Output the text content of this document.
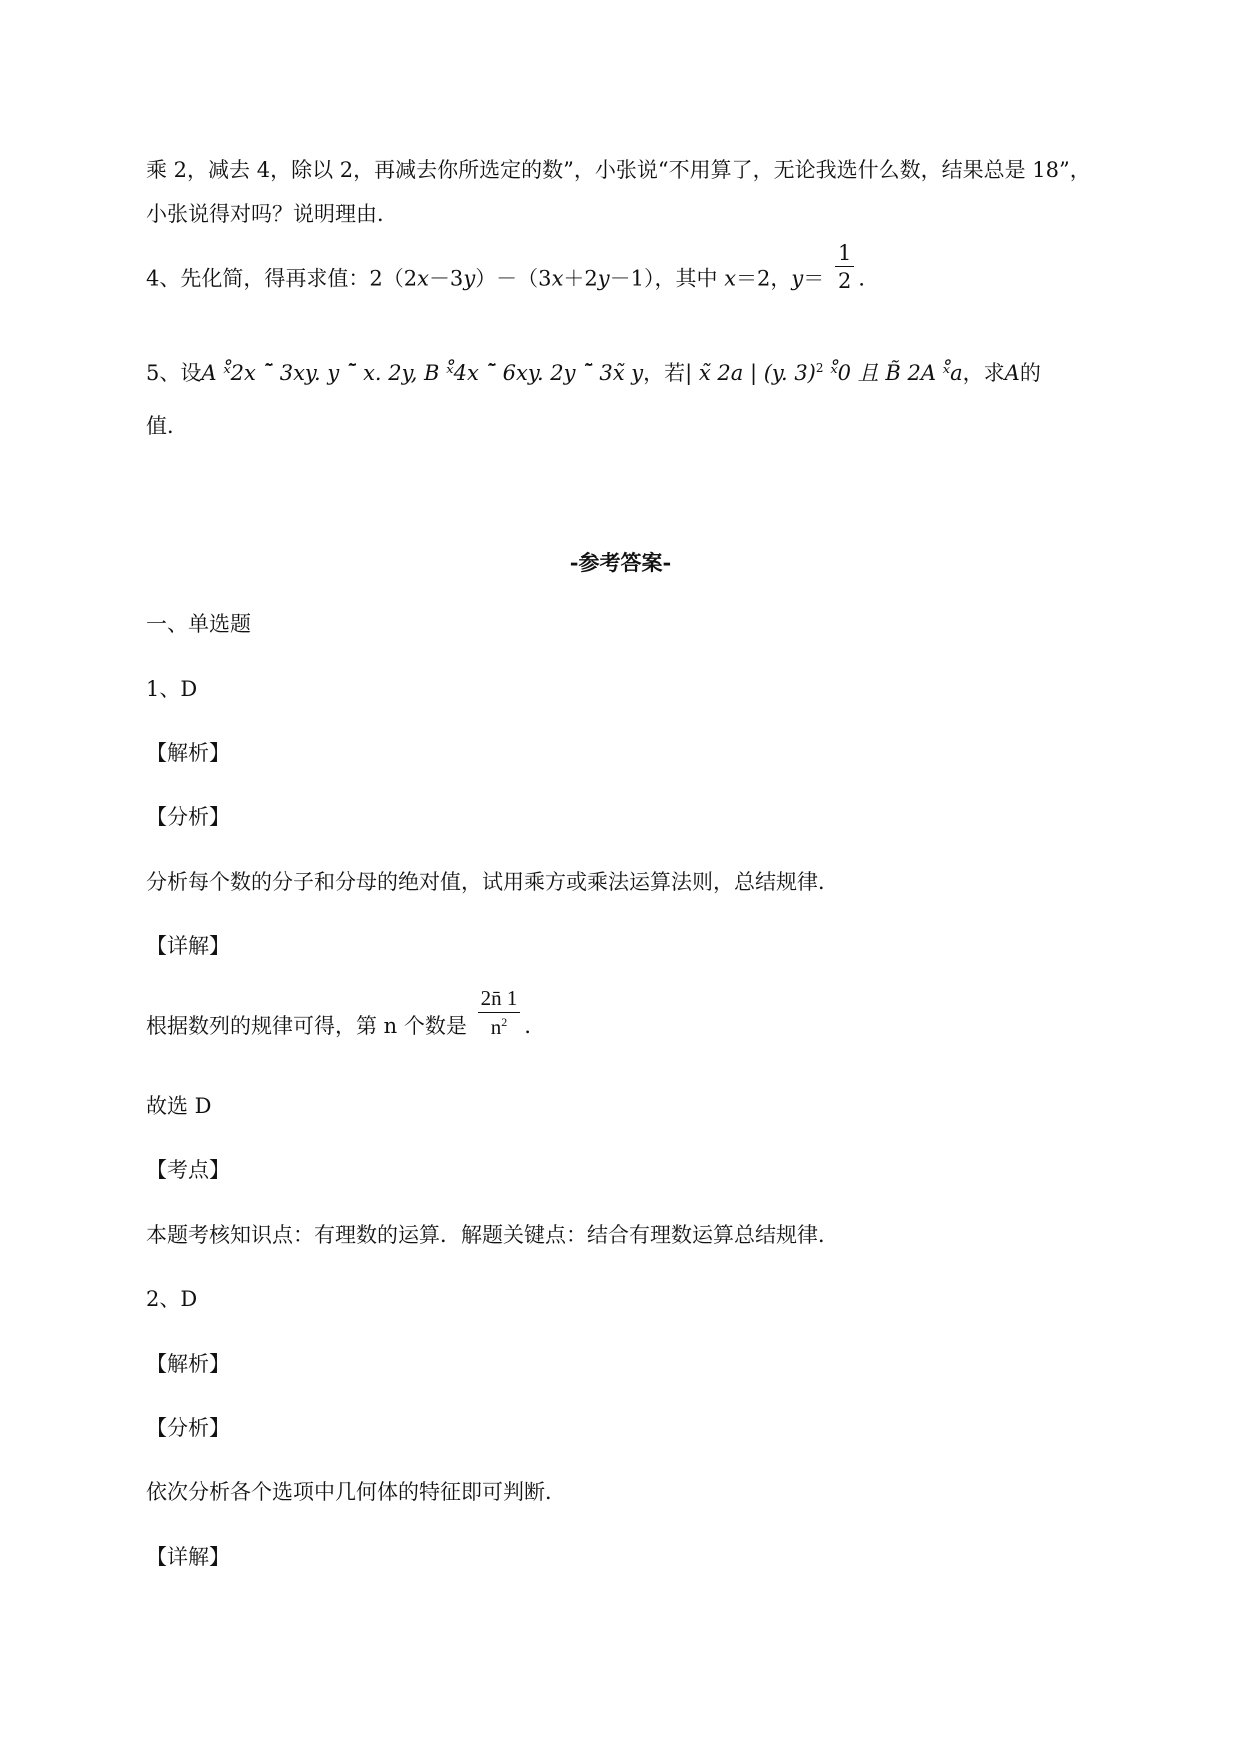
乘 2，减去 4，除以 2，再减去你所选定的数”，小张说“不用算了，无论我选什么数，结果总是 18”，
小张说得对吗？说明理由．
4、先化简，得再求值：2（2x－3y）－（3x＋2y－1），其中 x＝2，$y= \frac{1}{2}$ ．
5、设A ˣ̊2x ˉ̃ 3xy. y ˉ̃ x. 2y, B ˣ̊4x ˉ̃ 6xy. 2y ˉ̃ 3x̃ y，若| x̃ 2a | (y. 3)$^2$ ˣ̊0 且 B̃ 2A ˣ̊a，求A的
值．
-参考答案-
一、单选题
1、D
【解析】
【分析】
分析每个数的分子和分母的绝对值，试用乘方或乘法运算法则，总结规律．
【详解】
根据数列的规律可得，第 n 个数是 $\frac{2n̄ 1}{n^2}$ ．
故选 D
【考点】
本题考核知识点：有理数的运算．解题关键点：结合有理数运算总结规律．
2、D
【解析】
【分析】
依次分析各个选项中几何体的特征即可判断．
【详解】
